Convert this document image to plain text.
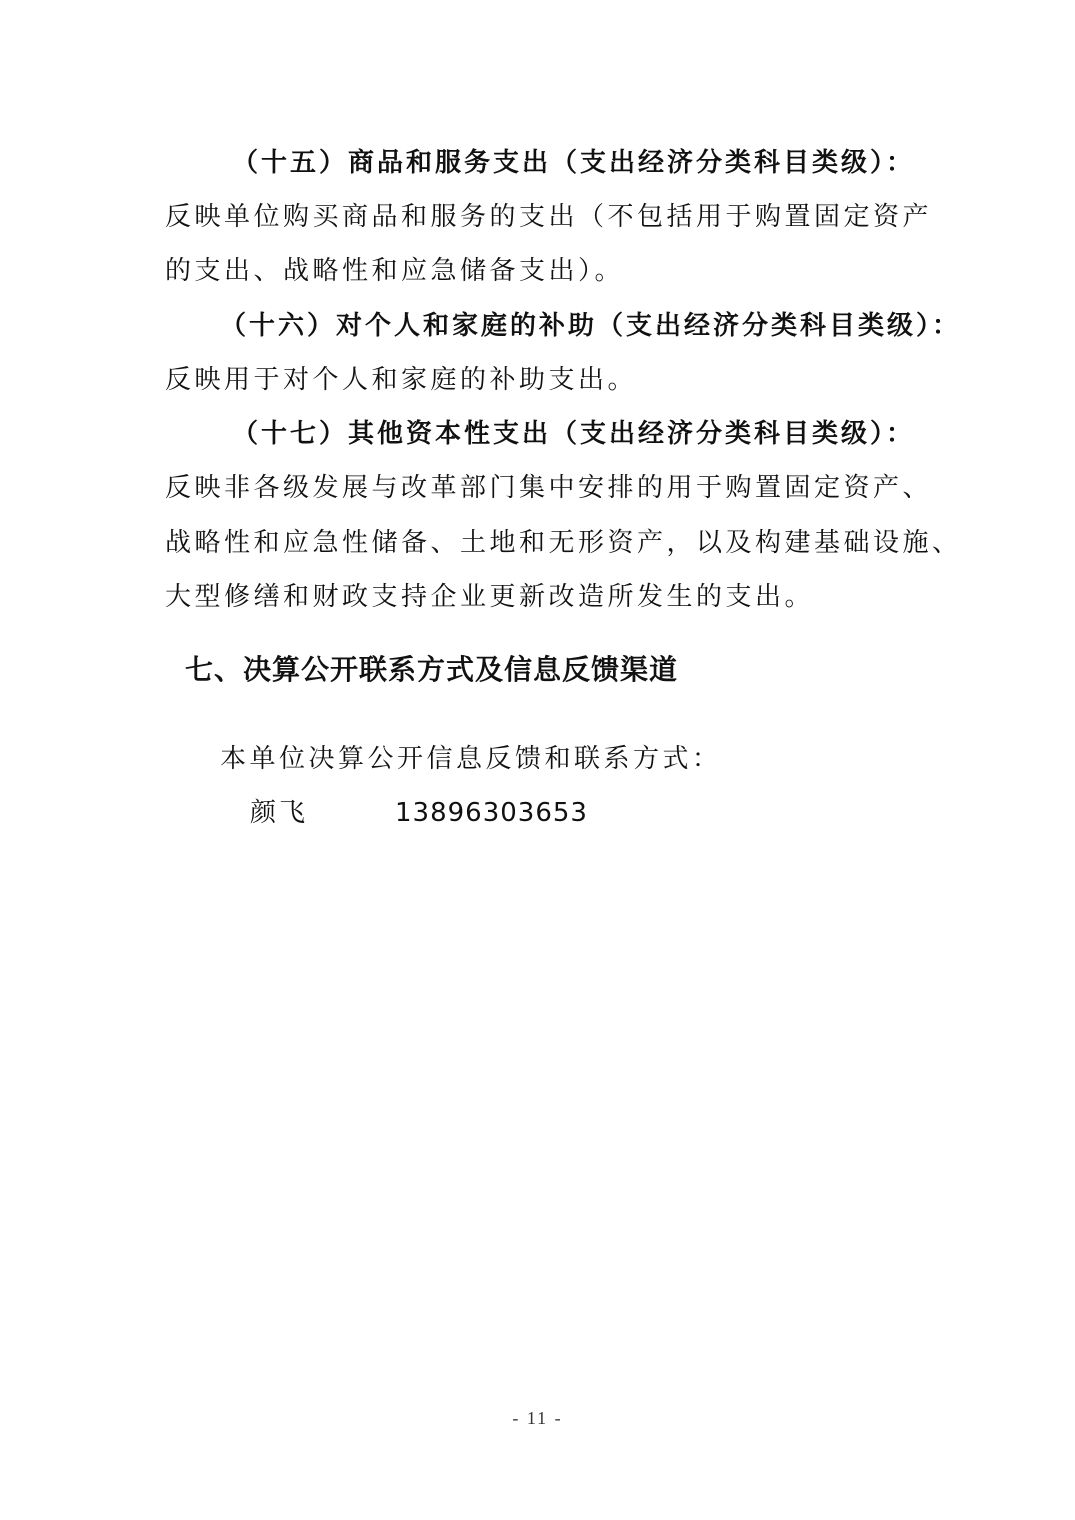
（十五）商品和服务支出（支出经济分类科目类级）：
反映单位购买商品和服务的支出（不包括用于购置固定资产
的支出、战略性和应急储备支出）。
（十六）对个人和家庭的补助（支出经济分类科目类级）：
反映用于对个人和家庭的补助支出。
（十七）其他资本性支出（支出经济分类科目类级）：
反映非各级发展与改革部门集中安排的用于购置固定资产、
战略性和应急性储备、土地和无形资产，以及构建基础设施、
大型修缮和财政支持企业更新改造所发生的支出。
七、决算公开联系方式及信息反馈渠道
本单位决算公开信息反馈和联系方式：
颜飞	13896303653
- 11 -
